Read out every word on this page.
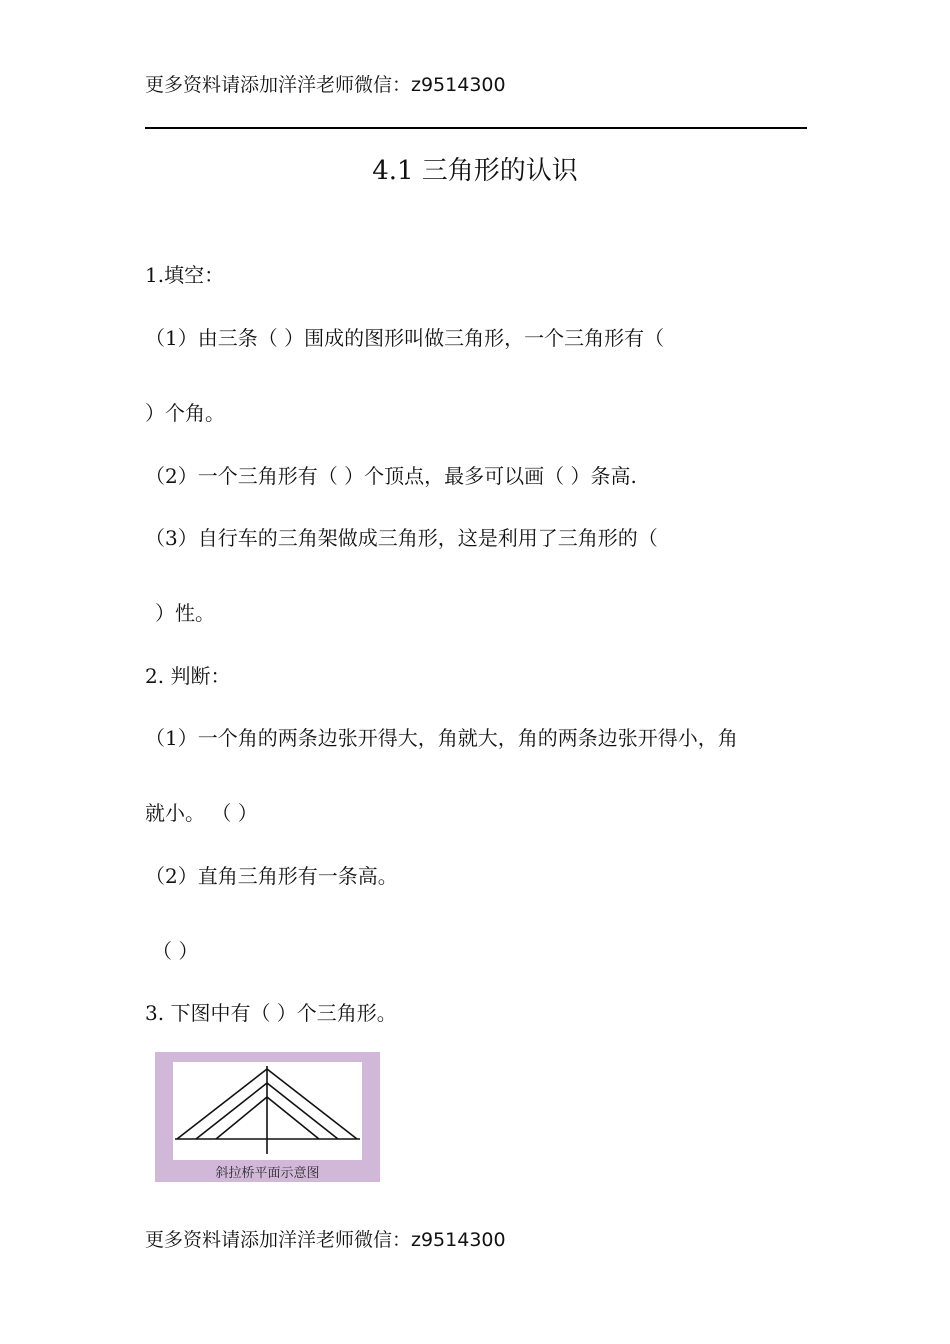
更多资料请添加洋洋老师微信：z9514300
4.1 三角形的认识
1.填空：
（1）由三条（ ）围成的图形叫做三角形，一个三角形有（
）个角。
（2）一个三角形有（ ）个顶点，最多可以画（ ）条高.
（3）自行车的三角架做成三角形，这是利用了三角形的（
）性。
2. 判断：
（1）一个角的两条边张开得大，角就大，角的两条边张开得小，角
就小。 （ ）
（2）直角三角形有一条高。
（ ）
3. 下图中有（ ）个三角形。
斜拉桥平面示意图
更多资料请添加洋洋老师微信：z9514300
